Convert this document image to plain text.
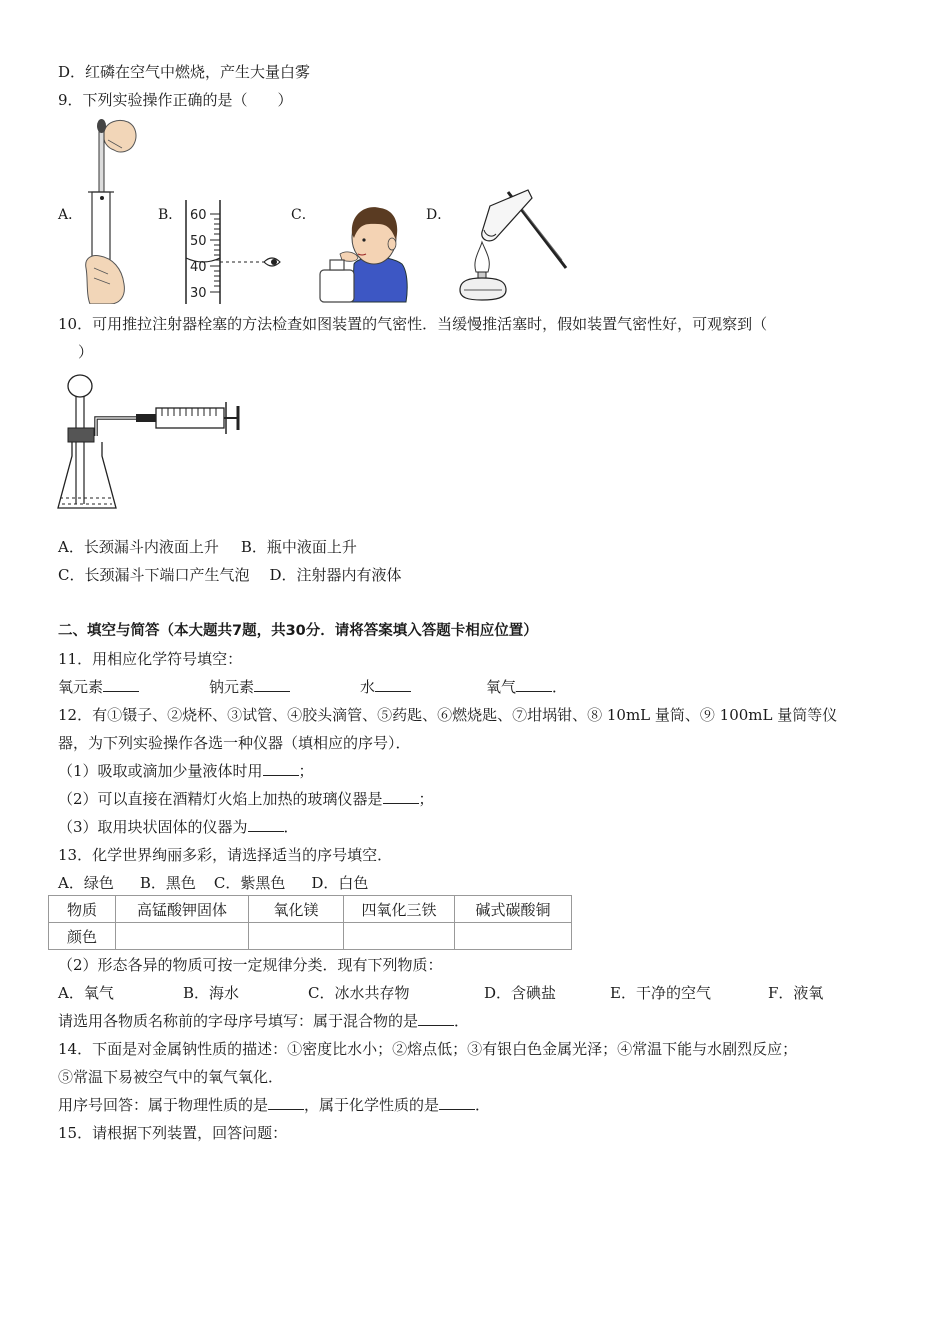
D．红磷在空气中燃烧，产生大量白雾
9．下列实验操作正确的是（　　）
A．	B．	C．	D．
60
50
40
30
10．可用推拉注射器栓塞的方法检查如图装置的气密性．当缓慢推活塞时，假如装置气密性好，可观察到（
）
A．长颈漏斗内液面上升 B．瓶中液面上升
C．长颈漏斗下端口产生气泡 D．注射器内有液体
二、填空与简答（本大题共7题，共30分．请将答案填入答题卡相应位置）
11．用相应化学符号填空：
氧元素	钠元素	水	氧气 ．
12．有①镊子、②烧杯、③试管、④胶头滴管、⑤药匙、⑥燃烧匙、⑦坩埚钳、⑧ 10mL 量筒、⑨ 100mL 量筒等仪
器，为下列实验操作各选一种仪器（填相应的序号）．
（1）吸取或滴加少量液体时用 ；
（2）可以直接在酒精灯火焰上加热的玻璃仪器是 ；
（3）取用块状固体的仪器为 ．
13．化学世界绚丽多彩，请选择适当的序号填空．
A．绿色 B．黑色 C．紫黑色 D．白色
物质	高锰酸钾固体	氧化镁	四氧化三铁	碱式碳酸铜
颜色				
（2）形态各异的物质可按一定规律分类．现有下列物质：
A．氧气	B．海水	C．冰水共存物	D．含碘盐	E．干净的空气	F．液氧
请选用各物质名称前的字母序号填写：属于混合物的是 ．
14．下面是对金属钠性质的描述：①密度比水小；②熔点低；③有银白色金属光泽；④常温下能与水剧烈反应；
⑤常温下易被空气中的氧气氧化．
用序号回答：属于物理性质的是 ，属于化学性质的是 ．
15．请根据下列装置，回答问题：
